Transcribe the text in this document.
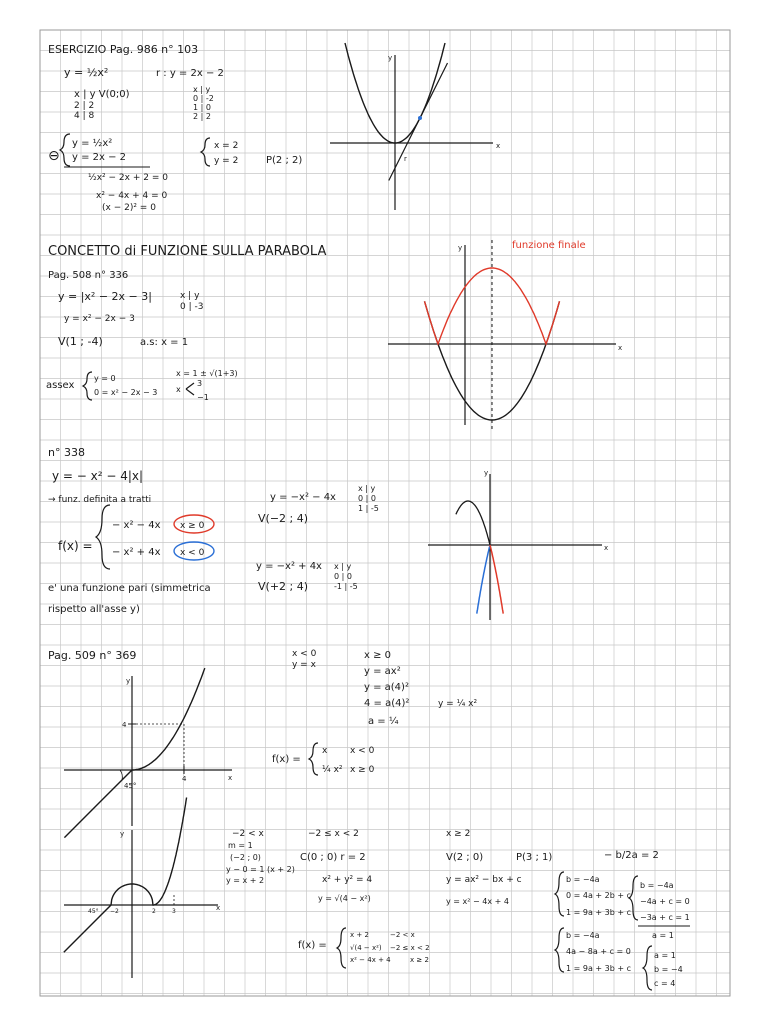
ESERCIZIO Pag. 986 n° 103
y = ½x²	r : y = 2x − 2
x | y V(0;0)
2 | 2
4 | 8
x | y
0 | -2
1 | 0
2 | 2
⊖
y = ½x²
y = 2x − 2
½x² − 2x + 2 = 0
x² − 4x + 4 = 0
(x − 2)² = 0
x = 2
y = 2	P(2 ; 2)
y
x
r
CONCETTO di FUNZIONE SULLA PARABOLA
Pag. 508 n° 336
y = |x² − 2x − 3|
y = x² − 2x − 3
x | y
0 | -3
V(1 ; -4)	a.s: x = 1
assex
y = 0
0 = x² − 2x − 3
x = 1 ± √(1+3)
x
3
−1
y
x
funzione finale
n° 338
y = − x² − 4|x|
→ funz. definita a tratti
f(x) =
− x² − 4x x ≥ 0
− x² + 4x x < 0
e' una funzione pari (simmetrica
rispetto all'asse y)
y = −x² − 4x
V(−2 ; 4)
x | y
0 | 0
1 | -5
y = −x² + 4x
V(+2 ; 4)
x | y
0 | 0
-1 | -5
y
x
Pag. 509 n° 369	x < 0
y = x
x ≥ 0
y = ax²
y = a(4)²
4 = a(4)²
a = ¼
y = ¼ x²
f(x) =
x	x < 0
¼ x² x ≥ 0
y
x
4
4
45°
−2 < x
m = 1
(−2 ; 0)
y − 0 = 1 (x + 2)
y = x + 2
−2 ≤ x < 2
C(0 ; 0) r = 2
x² + y² = 4
y = √(4 − x²)
x ≥ 2
V(2 ; 0)	P(3 ; 1)	− b/2a = 2
y = ax² − bx + c
y = x² − 4x + 4
b = −4a
0 = 4a + 2b + c
1 = 9a + 3b + c
b = −4a
−4a + c = 0
−3a + c = 1
a = 1
b = −4a
4a − 8a + c = 0
1 = 9a + 3b + c
a = 1
b = −4
c = 4
f(x) =
x + 2	−2 < x
√(4 − x²) −2 ≤ x < 2
x² − 4x + 4	x ≥ 2
y
x
−2	2	3
45°
